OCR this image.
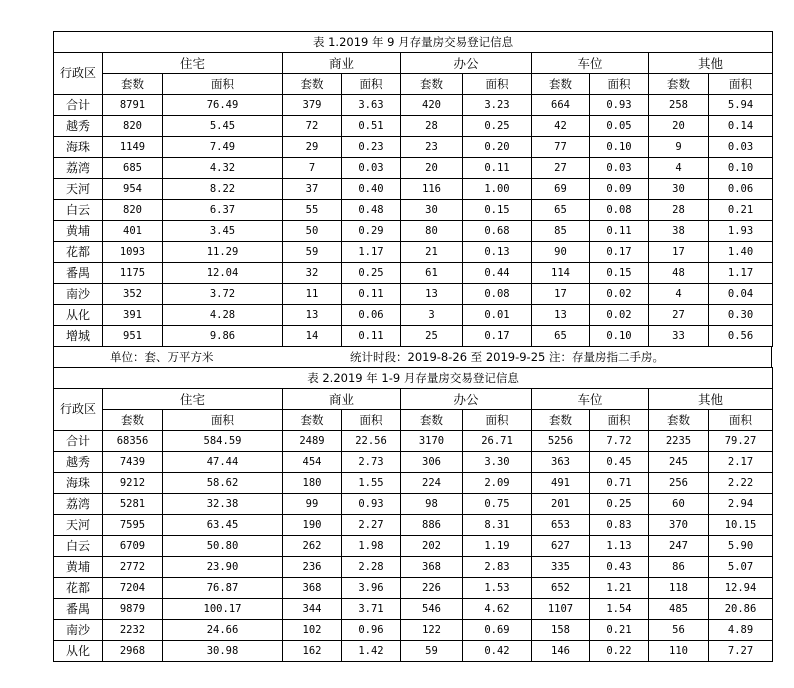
表 1.2019 年 9 月存量房交易登记信息										
行政区	住宅		商业		办公		车位		其他	
	套数	面积	套数	面积	套数	面积	套数	面积	套数	面积
合计	8791	76.49	379	3.63	420	3.23	664	0.93	258	5.94
越秀	820	5.45	72	0.51	28	0.25	42	0.05	20	0.14
海珠	1149	7.49	29	0.23	23	0.20	77	0.10	9	0.03
荔湾	685	4.32	7	0.03	20	0.11	27	0.03	4	0.10
天河	954	8.22	37	0.40	116	1.00	69	0.09	30	0.06
白云	820	6.37	55	0.48	30	0.15	65	0.08	28	0.21
黄埔	401	3.45	50	0.29	80	0.68	85	0.11	38	1.93
花都	1093	11.29	59	1.17	21	0.13	90	0.17	17	1.40
番禺	1175	12.04	32	0.25	61	0.44	114	0.15	48	1.17
南沙	352	3.72	11	0.11	13	0.08	17	0.02	4	0.04
从化	391	4.28	13	0.06	3	0.01	13	0.02	27	0.30
增城	951	9.86	14	0.11	25	0.17	65	0.10	33	0.56
单位：套、万平方米	统计时段：2019-8-26 至 2019-9-25 注：存量房指二手房。
表 2.2019 年 1-9 月存量房交易登记信息										
行政区	住宅		商业		办公		车位		其他	
	套数	面积	套数	面积	套数	面积	套数	面积	套数	面积
合计	68356	584.59	2489	22.56	3170	26.71	5256	7.72	2235	79.27
越秀	7439	47.44	454	2.73	306	3.30	363	0.45	245	2.17
海珠	9212	58.62	180	1.55	224	2.09	491	0.71	256	2.22
荔湾	5281	32.38	99	0.93	98	0.75	201	0.25	60	2.94
天河	7595	63.45	190	2.27	886	8.31	653	0.83	370	10.15
白云	6709	50.80	262	1.98	202	1.19	627	1.13	247	5.90
黄埔	2772	23.90	236	2.28	368	2.83	335	0.43	86	5.07
花都	7204	76.87	368	3.96	226	1.53	652	1.21	118	12.94
番禺	9879	100.17	344	3.71	546	4.62	1107	1.54	485	20.86
南沙	2232	24.66	102	0.96	122	0.69	158	0.21	56	4.89
从化	2968	30.98	162	1.42	59	0.42	146	0.22	110	7.27
